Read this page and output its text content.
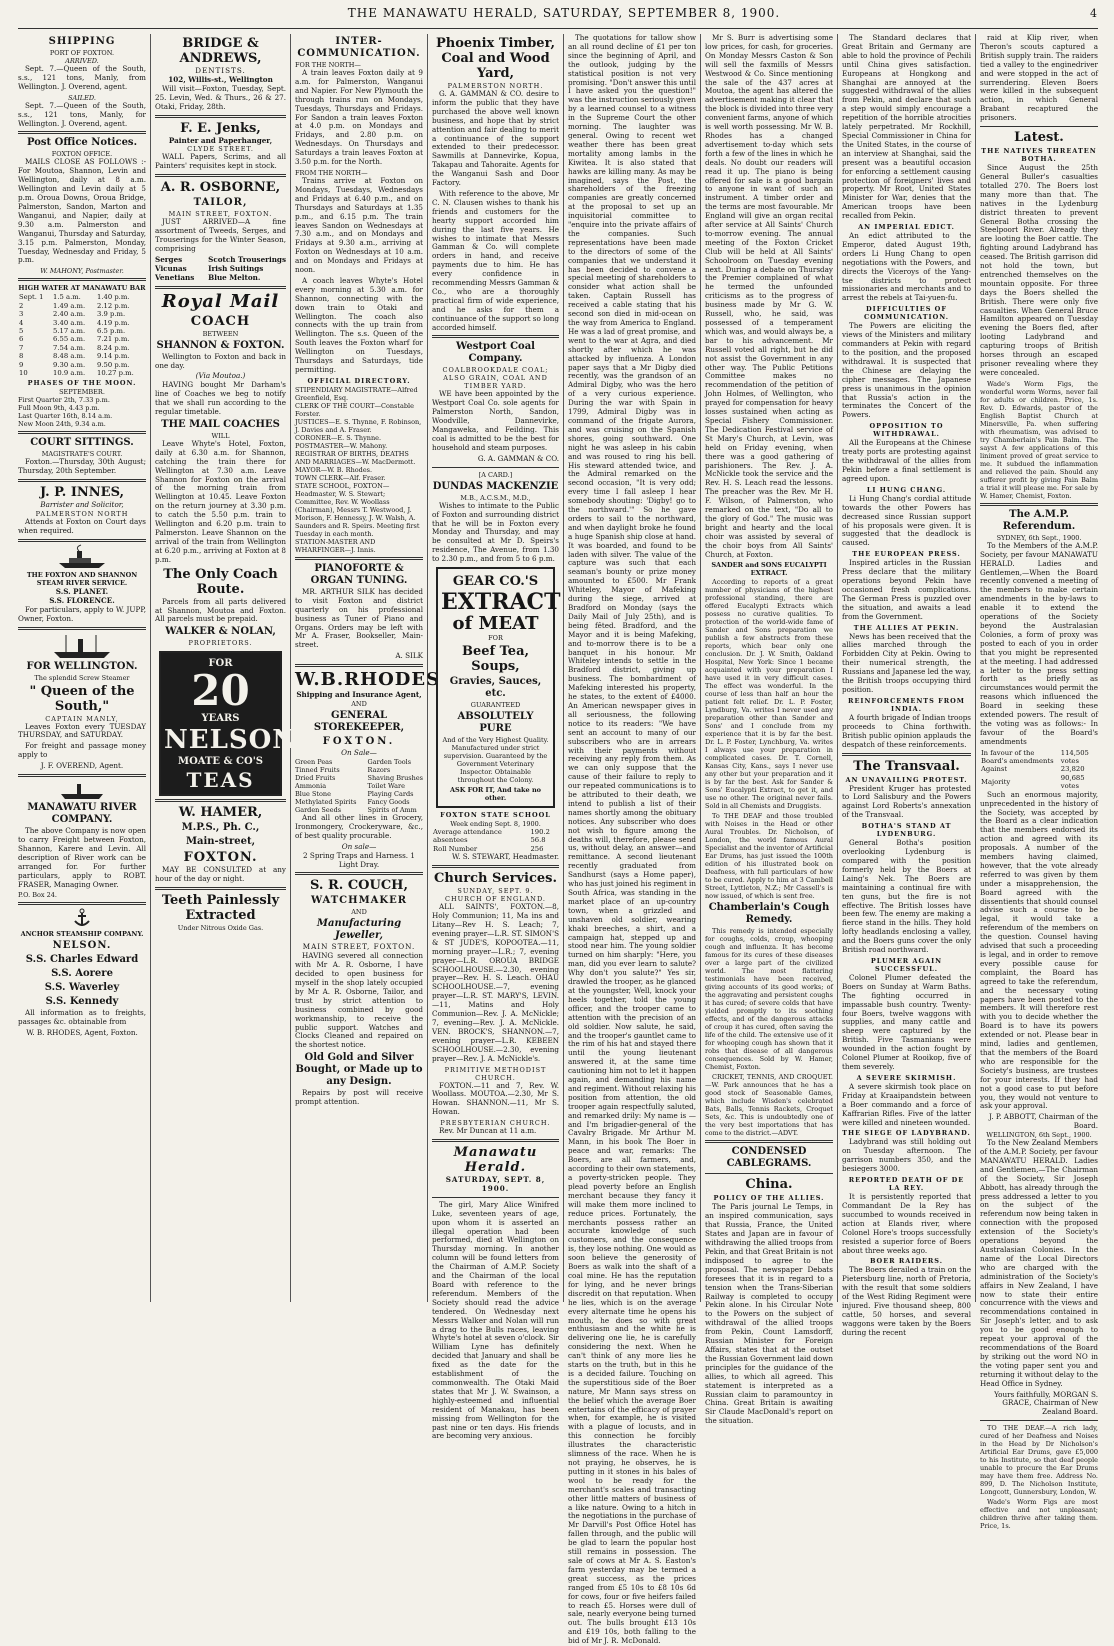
THE MANAWATU HERALD, SATURDAY, SEPTEMBER 8, 1900.	4
SHIPPING
PORT OF FOXTON.
ARRIVED.

Sept. 7.—Queen of the South, s.s., 121 tons, Manly, from Wellington. J. Overend, agent.

SAILED.

Sept. 7.—Queen of the South, s.s., 121 tons, Manly, for Wellington. J. Overend, agent.

Post Office Notices.
FOXTON OFFICE.

MAILS CLOSE AS FOLLOWS :- For Moutoa, Shannon, Levin and Wellington, daily at 8 a.m. Wellington and Levin daily at 5 p.m. Oroua Downs, Oroua Bridge, Palmerston, Sandon, Marton and Wanganui, and Napier, daily at 9.30 a.m. Palmerston and Wanganui, Thursday and Saturday, 3.15 p.m. Palmerston, Monday, Tuesday, Wednesday and Friday, 5 p.m.

W. MAHONY, Postmaster.
HIGH WATER AT MANAWATU BAR
Sept. 1	1.5 a.m.	1.40 p.m.
2	1.49 a.m.	2.12 p.m.
3	2.40 a.m.	3.9 p.m.
4	3.40 a.m.	4.19 p.m.
5	5.17 a.m.	6.5 p.m.
6	6.55 a.m.	7.21 p.m.
7	7.54 a.m.	8.24 p.m.
8	8.48 a.m.	9.14 p.m.
9	9.30 a.m.	9.50 p.m.
10	10.9 a.m.	10.27 p.m.
PHASES OF THE MOON.
SEPTEMBER.
First Quarter 2th, 7.33 p.m.
Full Moon 9th, 4.43 p.m.
Last Quarter 16th, 8.14 a.m.
New Moon 24th, 9.34 a.m.
COURT SITTINGS.
MAGISTRATE'S COURT.

Foxton.—Thursday, 30th August; Thursday, 20th September.

J. P. INNES,
Barrister and Solicitor,
PALMERSTON NORTH

Attends at Foxton on Court days when required.

THE FOXTON AND SHANNON STEAM RIVER SERVICE.
S.S. PLANET.
S.S. FLORENCE.

For particulars, apply to W. JUPP, Owner, Foxton.

FOR WELLINGTON.
The splendid Screw Steamer
" Queen of the South,"
CAPTAIN MANLY,

Leaves Foxton every TUESDAY THURSDAY, and SATURDAY.

For freight and passage money apply to

J. F. OVEREND, Agent.
MANAWATU RIVER COMPANY.

The above Company is now open to carry Freight between Foxton, Shannon, Karere and Levin. All description of River work can be arranged for. For further particulars, apply to ROBT. FRASER, Managing Owner.

P.O. Box 24.
ANCHOR STEAMSHIP COMPANY.
NELSON.
S.S. Charles Edward
S.S. Aorere
S.S. Waverley
S.S. Kennedy

All information as to freights, passages &c. obtainable from

W. B. RHODES, Agent, Foxton.
BRIDGE & ANDREWS,
DENTISTS.
102, Willis-st., Wellington

Will visit—Foxton, Tuesday, Sept. 25. Levin, Wed. & Thurs., 26 & 27. Otaki, Friday, 28th.

F. E. Jenks,
Painter and Paperhanger,
CLYDE STREET.

WALL Papers, Scrims, and all Painters' requisites kept in stock.

A. R. OSBORNE,
TAILOR,
MAIN STREET, FOXTON.

JUST ARRIVED—A fine assortment of Tweeds, Serges, and Trouserings for the Winter Season, comprising

Serges
Vicunas
Venetians
Scotch Trouserings
Irish Suitings
Blue Melton.
Royal Mail
COACH
BETWEEN
SHANNON & FOXTON.

Wellington to Foxton and back in one day.

(Via Moutoa.)

HAVING bought Mr Darham's line of Coaches we beg to notify that we shall run according to the regular timetable.

THE MAIL COACHES
WILL

Leave Whyte's Hotel, Foxton, daily at 6.30 a.m. for Shannon, catching the train there for Wellington at 7.30 a.m. Leave Shannon for Foxton on the arrival of the morning train from Wellington at 10.45. Leave Foxton on the return journey at 3.30 p.m. to catch the 5.50 p.m. train to Wellington and 6.20 p.m. train to Palmerston. Leave Shannon on the arrival of the train from Wellington at 6.20 p.m., arriving at Foxton at 8 p.m.

The Only Coach Route.

Parcels from all parts delivered at Shannon, Moutoa and Foxton. All parcels must be prepaid.

WALKER & NOLAN,
PROPRIETORS.
FOR
20
YEARS
NELSON
MOATE & CO'S
TEAS
W. HAMER,
M.P.S., Ph. C.,
Main-street,
FOXTON.

MAY BE CONSULTED at any hour of the day or night.

Teeth Painlessly Extracted
Under Nitrous Oxide Gas.
INTER-COMMUNICATION.
FOR THE NORTH—

A train leaves Foxton daily at 9 a.m. for Palmerston, Wanganui and Napier. For New Plymouth the through trains run on Mondays, Tuesdays, Thursdays and Fridays. For Sandon a train leaves Foxton at 4.0 p.m. on Mondays and Fridays, and 2.80 p.m. on Wednesdays. On Thursdays and Saturdays a train leaves Foxton at 3.50 p.m. for the North.

FROM THE NORTH—

Trains arrive at Foxton on Mondays, Tuesdays, Wednesdays and Fridays at 6.40 p.m., and on Thursdays and Saturdays at 1.35 p.m., and 6.15 p.m. The train leaves Sandon on Wednesdays at 7.30 a.m., and on Mondays and Fridays at 9.30 a.m., arriving at Foxton on Wednesdays at 10 a.m. and on Mondays and Fridays at noon.

A coach leaves Whyte's Hotel every morning at 5.30 a.m. for Shannon, connecting with the down train to Otaki and Wellington. The coach also connects with the up train from Wellington. The s.s. Queen of the South leaves the Foxton wharf for Wellington on Tuesdays, Thursdays and Saturdays, tide permitting.

OFFICIAL DIRECTORY.
STIPENDIARY MAGISTRATE—Alfred Greenfield, Esq.
CLERK OF THE COURT—Constable Forster.
JUSTICES—E. S. Thynne, F. Robinson, J. Davies and A. Fraser.
CORONER—E. S. Thynne.
POSTMASTER—W. Mahony.
REGISTRAR OF BIRTHS, DEATHS AND MARRIAGES—W. MacDermott.
MAYOR—W. B. Rhodes.
TOWN CLERK—Alf. Fraser.
STATE SCHOOL, FOXTON—Headmaster, W. S. Stewart; Committee, Rev. W. Woollass (Chairman), Messrs T. Westwood, J. Morison, F. Hennessy, J. W. Walsh, A. Saunders and R. Speirs. Meeting first Tuesday in each month.
STATION-MASTER AND WHARFINGER—J. Innis.
PIANOFORTE & ORGAN TUNING.

MR. ARTHUR SILK has decided to visit Foxton and district quarterly on his professional business as Tuner of Piano and Organs. Orders may be left with Mr A. Fraser, Bookseller, Main-street.

A. SILK
W.B.RHODES
Shipping and Insurance Agent,
AND
GENERAL STOREKEEPER,
FOXTON.
On Sale—
Green Peas
Tinned Fruits
Dried Fruits
Ammonia
Blue Stone
Methylated Spirits
Garden Seeds
Garden Tools
Razors
Shaving Brushes
Toilet Ware
Playing Cards
Fancy Goods
Spirits of Amm

And all other lines in Grocery, Ironmongery, Crockeryware, &c., of best quality procurable.

On sale—
2 Spring Traps and Harness. 1 Light Dray.
S. R. COUCH,
WATCHMAKER
AND
Manufacturing Jeweller,
MAIN STREET, FOXTON.

HAVING severed all connection with Mr A. R. Osborne, I have decided to open business for myself in the shop lately occupied by Mr A. R. Osborne, Tailor, and trust by strict attention to business combined by good workmanship, to receive the public support. Watches and Clocks Cleaned and repaired on the shortest notice.

Old Gold and Silver Bought, or Made up to any Design.

Repairs by post will receive prompt attention.

Phoenix Timber, Coal and Wood Yard,
PALMERSTON NORTH.

G. A. GAMMAN & CO. desire to inform the public that they have purchased the above well known business, and hope that by strict attention and fair dealing to merit a continuance of the support extended to their predecessor. Sawmills at Dannevirke, Kopua, Takapau and Tahoraite. Agents for the Wanganui Sash and Door Factory.

With reference to the above, Mr C. N. Clausen wishes to thank his friends and customers for the hearty support accorded him during the last five years. He wishes to intimate that Messrs Gamman & Co. will complete orders in hand, and receive payments due to him. He has every confidence in recommending Messrs Gamman & Co., who are a thoroughly practical firm of wide experience, and he asks for them a continuance of the support so long accorded himself.

Westport Coal Company.
COALBROOKDALE COAL;
ALSO GRAIN, COAL AND TIMBER YARD.

WE have been appointed by the Westport Coal Co. sole agents for Palmerston North, Sandon, Woodville, Dannevirke, Mangaweka, and Feilding. This coal is admitted to be the best for household and steam purposes.

G. A. GAMMAN & CO.
[A CARD.]
DUNDAS MACKENZIE
M.B., A.C.S.M., M.D.,

Wishes to intimate to the Public of Foxton and surrounding district that he will be in Foxton every Monday and Thursday, and may be consulted at Mr D. Speirs's residence, The Avenue, from 1.30 to 2.30 p.m., and from 5 to 6 p.m.

GEAR CO.'S
EXTRACT
of MEAT
FOR
Beef Tea, Soups,
Gravies, Sauces, etc.
GUARANTEED
ABSOLUTELY PURE
And of the Very Highest Quality. Manufactured under strict supervision. Guaranteed by the Government Veterinary Inspector. Obtainable throughout the Colony.
ASK FOR IT, And take no other.
FOXTON STATE SCHOOL
Week ending Sept. 8, 1900.
Average attendance	190.2
absentees	56.8
Roll Number	256
W. S. STEWART, Headmaster.
Church Services.
SUNDAY, SEPT. 9.
CHURCH OF ENGLAND.

ALL SAINTS', FOXTON.—8, Holy Communion; 11, Ma ins and Litany—Rev H. S. Leach; 7, evening prayer—L.R. ST. SIMON'S & ST JUDE'S, KOPOOTEA.—11, morning prayer—L.R.; 7, evening prayer—L.R. OROUA BRIDGE SCHOOLHOUSE.—2.30, evening prayer—Rev. H. S. Leach. OHAU SCHOOLHOUSE.—7, evening prayer—L.R. ST. MARY'S, LEVIN.—11, Matins and Holy Communion—Rev. J. A. McNickle; 7, evening—Rev. J. A. McNickle. VEN. BROCK'S, SHANNON.—7, evening prayer—L.R. KEBEEN SCHOOLHOUSE.—2.30, evening prayer—Rev. J. A. McNickle's.

PRIMITIVE METHODIST CHURCH.

FOXTON.—11 and 7, Rev. W. Woollass. MOUTOA.—2.30, Mr S. Howan. SHANNON.—11, Mr S. Howan.

PRESBYTERIAN CHURCH.

Rev. Mr Duncan at 11 a.m.

Manawatu Herald.
SATURDAY, SEPT. 8, 1900.

The girl, Mary Alice Winifred Luke, seventeen years of age, upon whom it is asserted an illegal operation had been performed, died at Wellington on Thursday morning. In another column will be found letters from the Chairman of A.M.P. Society and the Chairman of the local Board with reference to the referendum. Members of the Society should read the advice tendered. On Wednesday next Messrs Walker and Nolan will run a drag to the Bulls races, leaving Whyte's hotel at seven o'clock. Sir William Lyne has definitely decided that January and shall be fixed as the date for the establishment of the commonwealth. The Otaki Maid states that Mr J. W. Swainson, a highly-esteemed and influential resident of Manakau, has been missing from Wellington for the past nine or ten days. His friends are becoming very anxious.

The quotations for tallow show an all round decline of £1 per ton since the beginning of April, and the outlook, judging by the statistical position is not very promising. "Don't answer this until I have asked you the question!" was the instruction seriously given by a learned counsel to a witness in the Supreme Court the other morning. The laughter was general. Owing to recent wet weather there has been great mortality among lambs in the Kiwitea. It is also stated that hawks are killing many. As may be imagined, says the Post, the shareholders of the freezing companies are greatly concerned at the proposal to set up an inquisitorial committee to "enquire into the private affairs of the companies. Such representations have been made to the directors of some of the companies that we understand it has been decided to convene a special meeting of shareholders to consider what action shall be taken. Captain Russell has received a cable stating that his second son died in mid-ocean on the way from America to England. He was a lad of great promise, and went to the war at Agra, and died shortly after which he was attacked by influenza. A London paper says that a Mr Digby died recently, was the grandson of an Admiral Digby, who was the hero of a very curious experience. During the war with Spain in 1799, Admiral Digby was in command of the frigate Aurora, and was cruising on the Spanish shores, going southward. One night he was asleep in his cabin and was roused to ring his bell. His steward attended twice, and the Admiral remarked on the second occasion, "It is very odd; every time I fall asleep I hear somebody shouting: 'Digby! go to the northward.'" So he gave orders to sail to the northward, and when daylight broke he found a huge Spanish ship close at hand. It was boarded, and found to be laden with silver. The value of the capture was such that each seaman's bounty or prize money amounted to £500. Mr Frank Whiteley, Mayor of Mafeking during the siege, arrived at Bradford on Monday (says the Daily Mail of July 25th), and is being fêted. Bradford, and the Mayor and it is being Mafeking, and to-morrow there is to be a banquet in his honour. Mr Whiteley intends to settle in the Bradford district, giving up business. The bombardment of Mafeking interested his property, he states, to the extent of £4000. An American newspaper gives in all seriousness, the following notice to its readers: "We have sent an account to many of our subscribers who are in arrears with their payments without receiving any reply from them. As we can only suppose that the cause of their failure to reply to our repeated communications is to be attributed to their death, we intend to publish a list of their names shortly among the obituary notices. Any subscriber who does not wish to figure among the deaths will, therefore, please send us, without delay, an answer—and remittance. A second lieutenant recently graduated from Sandhurst (says a Home paper), who has just joined his regiment in South Africa, was standing in the market place of an up-country town, when a grizzled and unshaven old soldier, wearing khaki breeches, a shirt, and a campaign hat, stepped up and stood near him. The young soldier turned on him sharply: "Here, you man, did you ever learn to salute? Why don't you salute?" Yes sir, drawled the trooper, as he glanced at the youngster, Well, knock your heels together, told the young officer, and the trooper came to attention with the precision of an old soldier. Now salute, he said, and the trooper's gauntlet came to the rim of his hat and stayed there until the young lieutenant answered it, at the same time cautioning him not to let it happen again, and demanding his name and regiment. Without relaxing his position from attention, the old trooper again respectfully saluted, and remarked drily: My name is — and I'm brigadier-general of the Cavalry Brigade. Mr Arthur M. Mann, in his book The Boer in peace and war, remarks: The Boers, are all farmers, and, according to their own statements, a poverty-stricken people. They plead poverty before an English merchant because they fancy it will make them more inclined to reduce prices. Fortunately, the merchants possess rather an accurate knowledge of such customers, and the consequence is, they lose nothing. One would as soon believe the generosity of Boers as walk into the shaft of a coal mine. He has the reputation for lying, and he never brings discredit on that reputation. When he lies, which is on the average every alternate time he opens his mouth, he does so with great enthusiasm and the white he is delivering one lie, he is carefully considering the next. When he can't think of any more lies he starts on the truth, but in this he is a decided failure. Touching on the superstitious side of the Boer nature, Mr Mann says stress on the belief which the average Boer entertains of the efficacy of prayer when, for example, he is visited with a plague of locusts, and in this connection he forcibly illustrates the characteristic slimness of the race. When he is not praying, he observes, he is putting in it stones in his bales of wool to be ready for the merchant's scales and transacting other little matters of business of a like nature. Owing to a hitch in the negotiations in the purchase of Mr Darvill's Post Office Hotel has fallen through, and the public will be glad to learn the popular host still remains in possession. The sale of cows at Mr A. S. Easton's farm yesterday may be termed a great success, as the prices ranged from £5 10s to £8 10s 6d for cows, four or five heifers failed to reach £5. Horses were dull of sale, nearly everyone being turned out. The bulls brought £13 10s and £19 10s, both falling to the bid of Mr J. R. McDonald.

Mr S. Burr is advertising some low prices, for cash, for groceries. On Monday Messrs Caston & Son will sell the faxmills of Messrs Westwood & Co. Since mentioning the sale of the 437 acres at Moutoa, the agent has altered the advertisement making it clear that the block is divided into three very convenient farms, anyone of which is well worth possessing. Mr W. B. Rhodes has a changed advertisement to-day which sets forth a few of the lines in which he deals. No doubt our readers will read it up. The piano is being offered for sale is a good bargain to anyone in want of such an instrument. A timber order and the terms are most favourable. Mr England will give an organ recital after service at All Saints' Church to-morrow evening. The annual meeting of the Foxton Cricket Club will be held at All Saints' Schoolroom on Tuesday evening next. During a debate on Thursday the Premier complained of what he termed the unfounded criticisms as to the progress of business made by Mr G. W. Russell, who, he said, was possessed of a temperament which was, and would always be, a bar to his advancement. Mr Russell voted all right, but he did not assist the Government in any other way. The Public Petitions Committee makes no recommendation of the petition of John Holmes, of Wellington, who prayed for compensation for heavy losses sustained when acting as Special Fishery Commissioner. The Dedication Festival service of St Mary's Church, at Levin, was held on Friday evening, when there was a good gathering of parishioners. The Rev. J. A. McNickle took the service and the Rev. H. S. Leach read the lessons. The preacher was the Rev. Mr H. F. Wilson, of Palmerston, who remarked on the text, "Do all to the glory of God." The music was bright and hearty and the local choir was assisted by several of the choir boys from All Saints' Church, at Foxton.

SANDER and SONS EUCALYPTI EXTRACT.

According to reports of a great number of physicians of the highest professional standing, there are offered Eucalypti Extracts which possess no curative qualities. To protection of the world-wide fame of Sander and Sons preparation we publish a few abstracts from these reports, which bear only one conclusion. Dr. J. W. Smith, Oakland Hospital, New York: Since 1 became acquainted with your preparation I have used it in very difficult cases. The effect was wonderful. In the course of less than half an hour the patient felt relief. Dr. L. P. Foster, Lyndburg, Va. writes I never used any preparation other than Sander and Sons' and I conclude from my experience that it is by far the best. Dr. L. P. Foster, Lynchburg, Va. writes I always use your preparation in complicated cases. Dr. T. Cornell, Kansas City, Kans., says I never use any other but your preparation and it is by far the best. Ask for Sander & Sons' Eucalypti Extract, to get it, and use no other. The original never fails. Sold in all Chemists and Druggists.

To THE DEAF and those troubled with Noises in the Head or other Aural Troubles. Dr. Nicholson, of London, the world famous Aural Specialist and the inventor of Artificial Ear Drums, has just issued the 100th edition of his illustrated book on Deafness, with full particulars of how to be cured. Apply to him at 3 Cambell Street, Lyttleton, N.Z.; Mr Cassell's is now issued, of which is sent free.

Chamberlain's Cough Remedy.

This remedy is intended especially for coughs, colds, croup, whooping cough and influenza. It has become famous for its cures of these diseases over a large part of the civilized world. The most flattering testimonials have been received, giving accounts of its good works; of the aggravating and persistent coughs it has cured; of severe colds that have yielded promptly to its soothing effects, and of the dangerous attacks of croup it has cured, often saving the life of the child. The extensive use of it for whooping cough has shown that it robs that disease of all dangerous consequences. Sold by W. Hamer, Chemist, Foxton.

CRICKET, TENNIS, AND CROQUET.—W. Park announces that he has a good stock of Seasonable Games, which include Wisden's celebrated Bats, Balls, Tennis Rackets, Croquet Sets, &c. This is undoubtedly one of the very best importations that has come to the district.—ADVT.

CONDENSED CABLEGRAMS.
China.
POLICY OF THE ALLIES.

The Paris journal Le Temps, in an inspired communication, says that Russia, France, the United States and Japan are in favour of withdrawing the allied troops from Pekin, and that Great Britain is not indisposed to agree to the proposal. The newspaper Debats foresees that it is in regard to a tension when the Trans-Siberian Railway is completed to occupy Pekin alone. In his Circular Note to the Powers on the subject of withdrawal of the allied troops from Pekin, Count Lamsdorff, Russian Minister for Foreign Affairs, states that at the outset the Russian Government laid down principles for the guidance of the allies, to which all agreed. This statement is interpreted as a Russian claim to paramountcy in China. Great Britain is awaiting Sir Claude MacDonald's report on the situation.

The Standard declares that Great Britain and Germany are able to hold the province of Pechili until China gives satisfaction. Europeans at Hongkong and Shanghai are annoyed at the suggested withdrawal of the allies from Pekin, and declare that such a step would simply encourage a repetition of the horrible atrocities lately perpetrated. Mr Rockhill, Special Commissioner in China for the United States, in the course of an interview at Shanghai, said the present was a beautiful occasion for enforcing a settlement causing protection of foreigners' lives and property. Mr Root, United States Minister for War, denies that the American troops have been recalled from Pekin.

AN IMPERIAL EDICT.

An edict attributed to the Emperor, dated August 19th, orders Li Hung Chang to open negotiations with the Powers, and directs the Viceroys of the Yang-tse districts to protect missionaries and merchants and to arrest the rebels at Tai-yuen-fu.

DIFFICULTIES OF COMMUNICATION.

The Powers are eliciting the views of the Ministers and military commanders at Pekin with regard to the position, and the proposed withdrawal. It is suspected that the Chinese are delaying the cipher messages. The Japanese press is unanimous in the opinion that Russia's action in the terminates the Concert of the Powers.

OPPOSITION TO WITHDRAWAL.

All the Europeans at the Chinese treaty ports are protesting against the withdrawal of the allies from Pekin before a final settlement is agreed upon.

LI HUNG CHANG.

Li Hung Chang's cordial attitude towards the other Powers has decreased since Russian support of his proposals were given. It is suggested that the deadlock is caused.

THE EUROPEAN PRESS.

Inspired articles in the Russian Press declare that the military operations beyond Pekin have occasioned fresh complications. The German Press is puzzled over the situation, and awaits a lead from the Government.

THE ALLIES AT PEKIN.

News has been received that the allies marched through the Forbidden City at Pekin. Owing to their numerical strength, the Russians and Japanese led the way, the British troops occupying third position.

REINFORCEMENTS FROM INDIA.

A fourth brigade of Indian troops proceeds to China forthwith. British public opinion applauds the despatch of these reinforcements.

The Transvaal.
AN UNAVAILING PROTEST.

President Kruger has protested to Lord Salisbury and the Powers against Lord Roberts's annexation of the Transvaal.

BOTHA'S STAND AT LYDENBURG.

General Botha's position overlooking Lydenburg is compared with the position formerly held by the Boers at Laing's Nek. The Boers are maintaining a continual fire with ten guns, but the fire is not effective. The British losses have been few. The enemy are making a fierce stand in the hills. They hold lofty headlands enclosing a valley, and the Boers guns cover the only British road northward.

PLUMER AGAIN SUCCESSFUL.

Colonel Plumer defeated the Boers on Sunday at Warm Baths. The fighting occurred in impassable bush country. Twenty-four Boers, twelve waggons with supplies, and many cattle and sheep were captured by the British. Five Tasmanians were wounded in the action fought by Colonel Plumer at Rooikop, five of them severely.

A SEVERE SKIRMISH.

A severe skirmish took place on Friday at Kraaipandstein between a Boer commando and a force of Kaffrarian Rifles. Five of the latter were killed and nineteen wounded.

THE SIEGE OF LADYBRAND.

Ladybrand was still holding out on Tuesday afternoon. The garrison numbers 350, and the besiegers 3000.

REPORTED DEATH OF DE LA REY.

It is persistently reported that Commandant De la Rey has succumbed to wounds received in action at Elands river, where Colonel Hore's troops successfully resisted a superior force of Boers about three weeks ago.

BOER RAIDERS.

The Boers derailed a train on the Pietersburg line, north of Pretoria, with the result that some soldiers of the West Riding Regiment were injured. Five thousand sheep, 800 cattle, 50 horses, and several waggons were taken by the Boers during the recent

raid at Klip river, when Theron's scouts captured a British supply train. The raiders tied a valley to the enginedriver and were stopped in the act of surrendering. Eleven Boers were killed in the subsequent action, in which General Brabant recaptured the prisoners.

Latest.
THE NATIVES THREATEN BOTHA.

Since August the 25th General Buller's casualties totalled 270. The Boers lost many more than that. The natives in the Lydenburg district threaten to prevent General Botha crossing the Steelpoort River. Already they are looting the Boer cattle. The fighting around Ladybrand has ceased. The British garrison did not hold the town, but entrenched themselves on the mountain opposite. For three days the Boers shelled the British. There were only five casualties. When General Bruce Hamilton appeared on Tuesday evening the Boers fled, after looting Ladybrand and capturing troops of British horses through an escaped prisoner revealing where they were concealed.

Wade's Worm Figs, the wonderful worm Worms, never fail for adults or children. Price, 1s. Rev. D. Edwards, pastor of the English Baptist Church at Minersville, Pa. when suffering with rheumatism, was advised to try Chamberlain's Pain Balm. The sayst A few applications of this liniment proved of great service to me. It subdued the inflammation and relieved the pain. Should any sufferer profit by giving Pain Balm a trial it will please me. For sale by W. Hamer, Chemist, Foxton.

The A.M.P. Referendum.
SYDNEY, 6th Sept., 1900.

To the Members of the A.M.P. Society, per favour MANAWATU HERALD. Ladies and Gentlemen,—When the Board recently convened a meeting of the members to make certain amendments in the by-laws to enable it to extend the operations of the Society beyond the Australasian Colonies, a form of proxy was posted to each of you in order that you might be represented at the meeting. I had addressed a letter to the press setting forth as briefly as circumstances would permit the reasons which influenced the Board in seeking these extended powers. The result of the voting was as follows:- In favour of the Board's amendments

In favour of the Board's amendments	114,505 votes
Against	23,820
Majority	90,685 votes

Such an enormous majority, unprecedented in the history of the Society, was accepted by the Board as a clear indication that the members endorsed its action and agreed with its proposals. A number of the members having claimed, however, that the vote already referred to was given by them under a misapprehension, the Board agreed with the dissentients that should counsel advise such a course to be legal, it would take a referendum of the members on the question. Counsel having advised that such a proceeding is legal, and in order to remove every possible cause for complaint, the Board has agreed to take the referendum, and the necessary voting papers have been posted to the members. It will therefore rest with you to decide whether the Board is to have its powers extended or not. Please bear in mind, ladies and gentlemen, that the members of the Board who are responsible for the Society's business, are trustees for your interests. If they had not a good case to put before you, they would not venture to ask your approval.

J. P. ABBOTT, Chairman of the Board.
WELLINGTON, 6th Sept., 1900.

To the New Zealand Members of the A.M.P. Society, per favour MANAWATU HERALD. Ladies and Gentlemen,—The Chairman of the Society, Sir Joseph Abbott, has already through the press addressed a letter to you on the subject of the referendum now being taken in connection with the proposed extension of the Society's operations beyond the Australasian Colonies. In the name of the Local Directors who are charged with the administration of the Society's affairs in New Zealand, I have now to state their entire concurrence with the views and recommendations contained in Sir Joseph's letter, and to ask you to be good enough to repeat your approval of the recommendations of the Board by striking out the word NO in the voting paper sent you and returning it without delay to the Head Office in Sydney.

Yours faithfully, MORGAN S. GRACE, Chairman of New Zealand Board.

TO THE DEAF.—A rich lady, cured of her Deafness and Noises in the Head by Dr Nicholson's Artificial Ear Drums, gave £5,000 to his Institute, so that deaf people unable to procure the Ear Drums may have them free. Address No. 899, D. The Nicholson Institute, Longcott, Gunnersbury, London, W.

Wade's Worm Figs are most effective and not unpleasant; children thrive after taking them. Price, 1s.
